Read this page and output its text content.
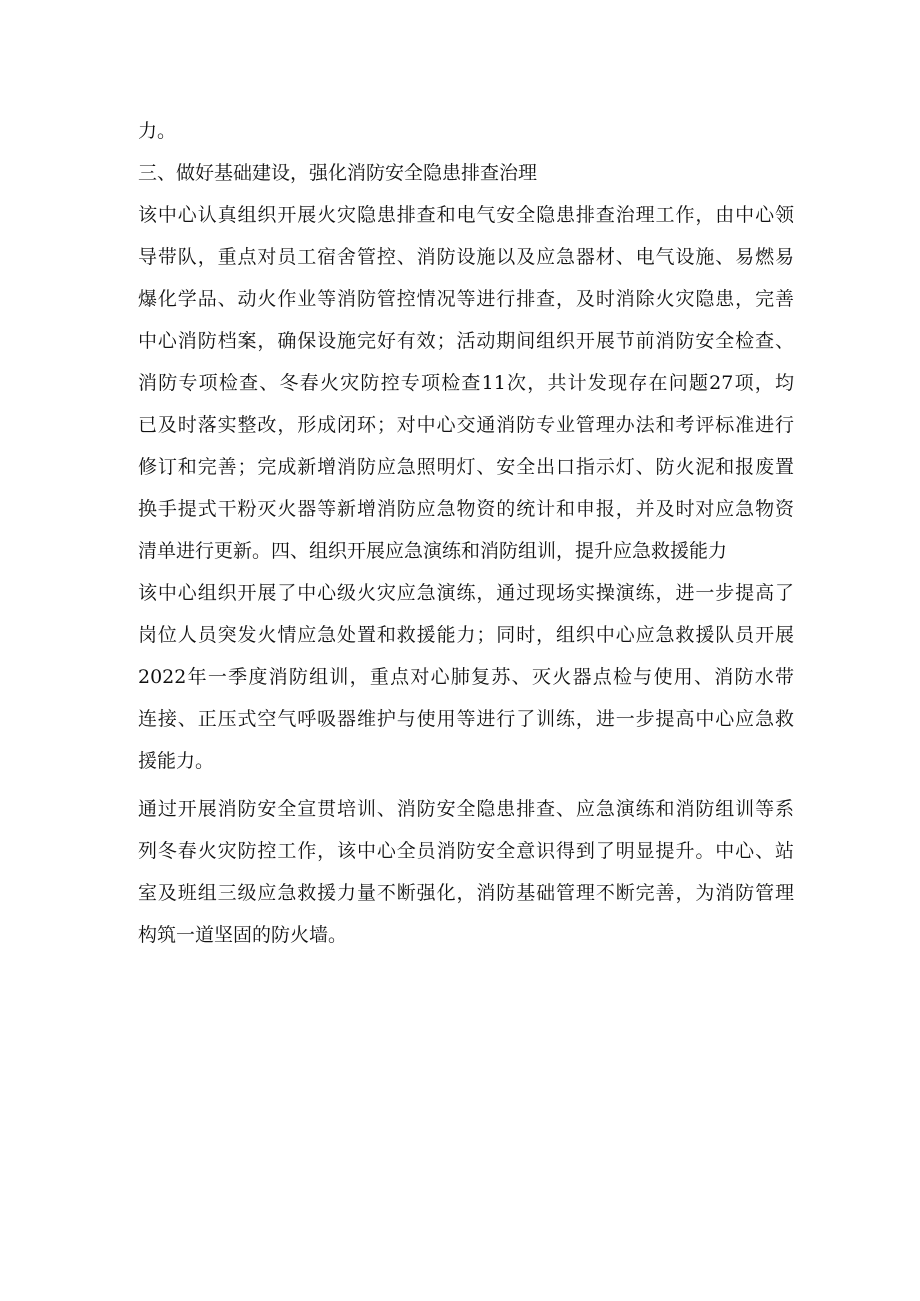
力。

三、做好基础建设，强化消防安全隐患排查治理

该中心认真组织开展火灾隐患排查和电气安全隐患排查治理工作，由中心领
导带队，重点对员工宿舍管控、消防设施以及应急器材、电气设施、易燃易
爆化学品、动火作业等消防管控情况等进行排查，及时消除火灾隐患，完善
中心消防档案，确保设施完好有效；活动期间组织开展节前消防安全检查、
消防专项检查、冬春火灾防控专项检查11次，共计发现存在问题27项，均
已及时落实整改，形成闭环；对中心交通消防专业管理办法和考评标准进行
修订和完善；完成新增消防应急照明灯、安全出口指示灯、防火泥和报废置
换手提式干粉灭火器等新增消防应急物资的统计和申报，并及时对应急物资
清单进行更新。四、组织开展应急演练和消防组训，提升应急救援能力

该中心组织开展了中心级火灾应急演练，通过现场实操演练，进一步提高了
岗位人员突发火情应急处置和救援能力；同时，组织中心应急救援队员开展
2022年一季度消防组训，重点对心肺复苏、灭火器点检与使用、消防水带
连接、正压式空气呼吸器维护与使用等进行了训练，进一步提高中心应急救
援能力。

通过开展消防安全宣贯培训、消防安全隐患排查、应急演练和消防组训等系
列冬春火灾防控工作，该中心全员消防安全意识得到了明显提升。中心、站
室及班组三级应急救援力量不断强化，消防基础管理不断完善，为消防管理
构筑一道坚固的防火墙。
